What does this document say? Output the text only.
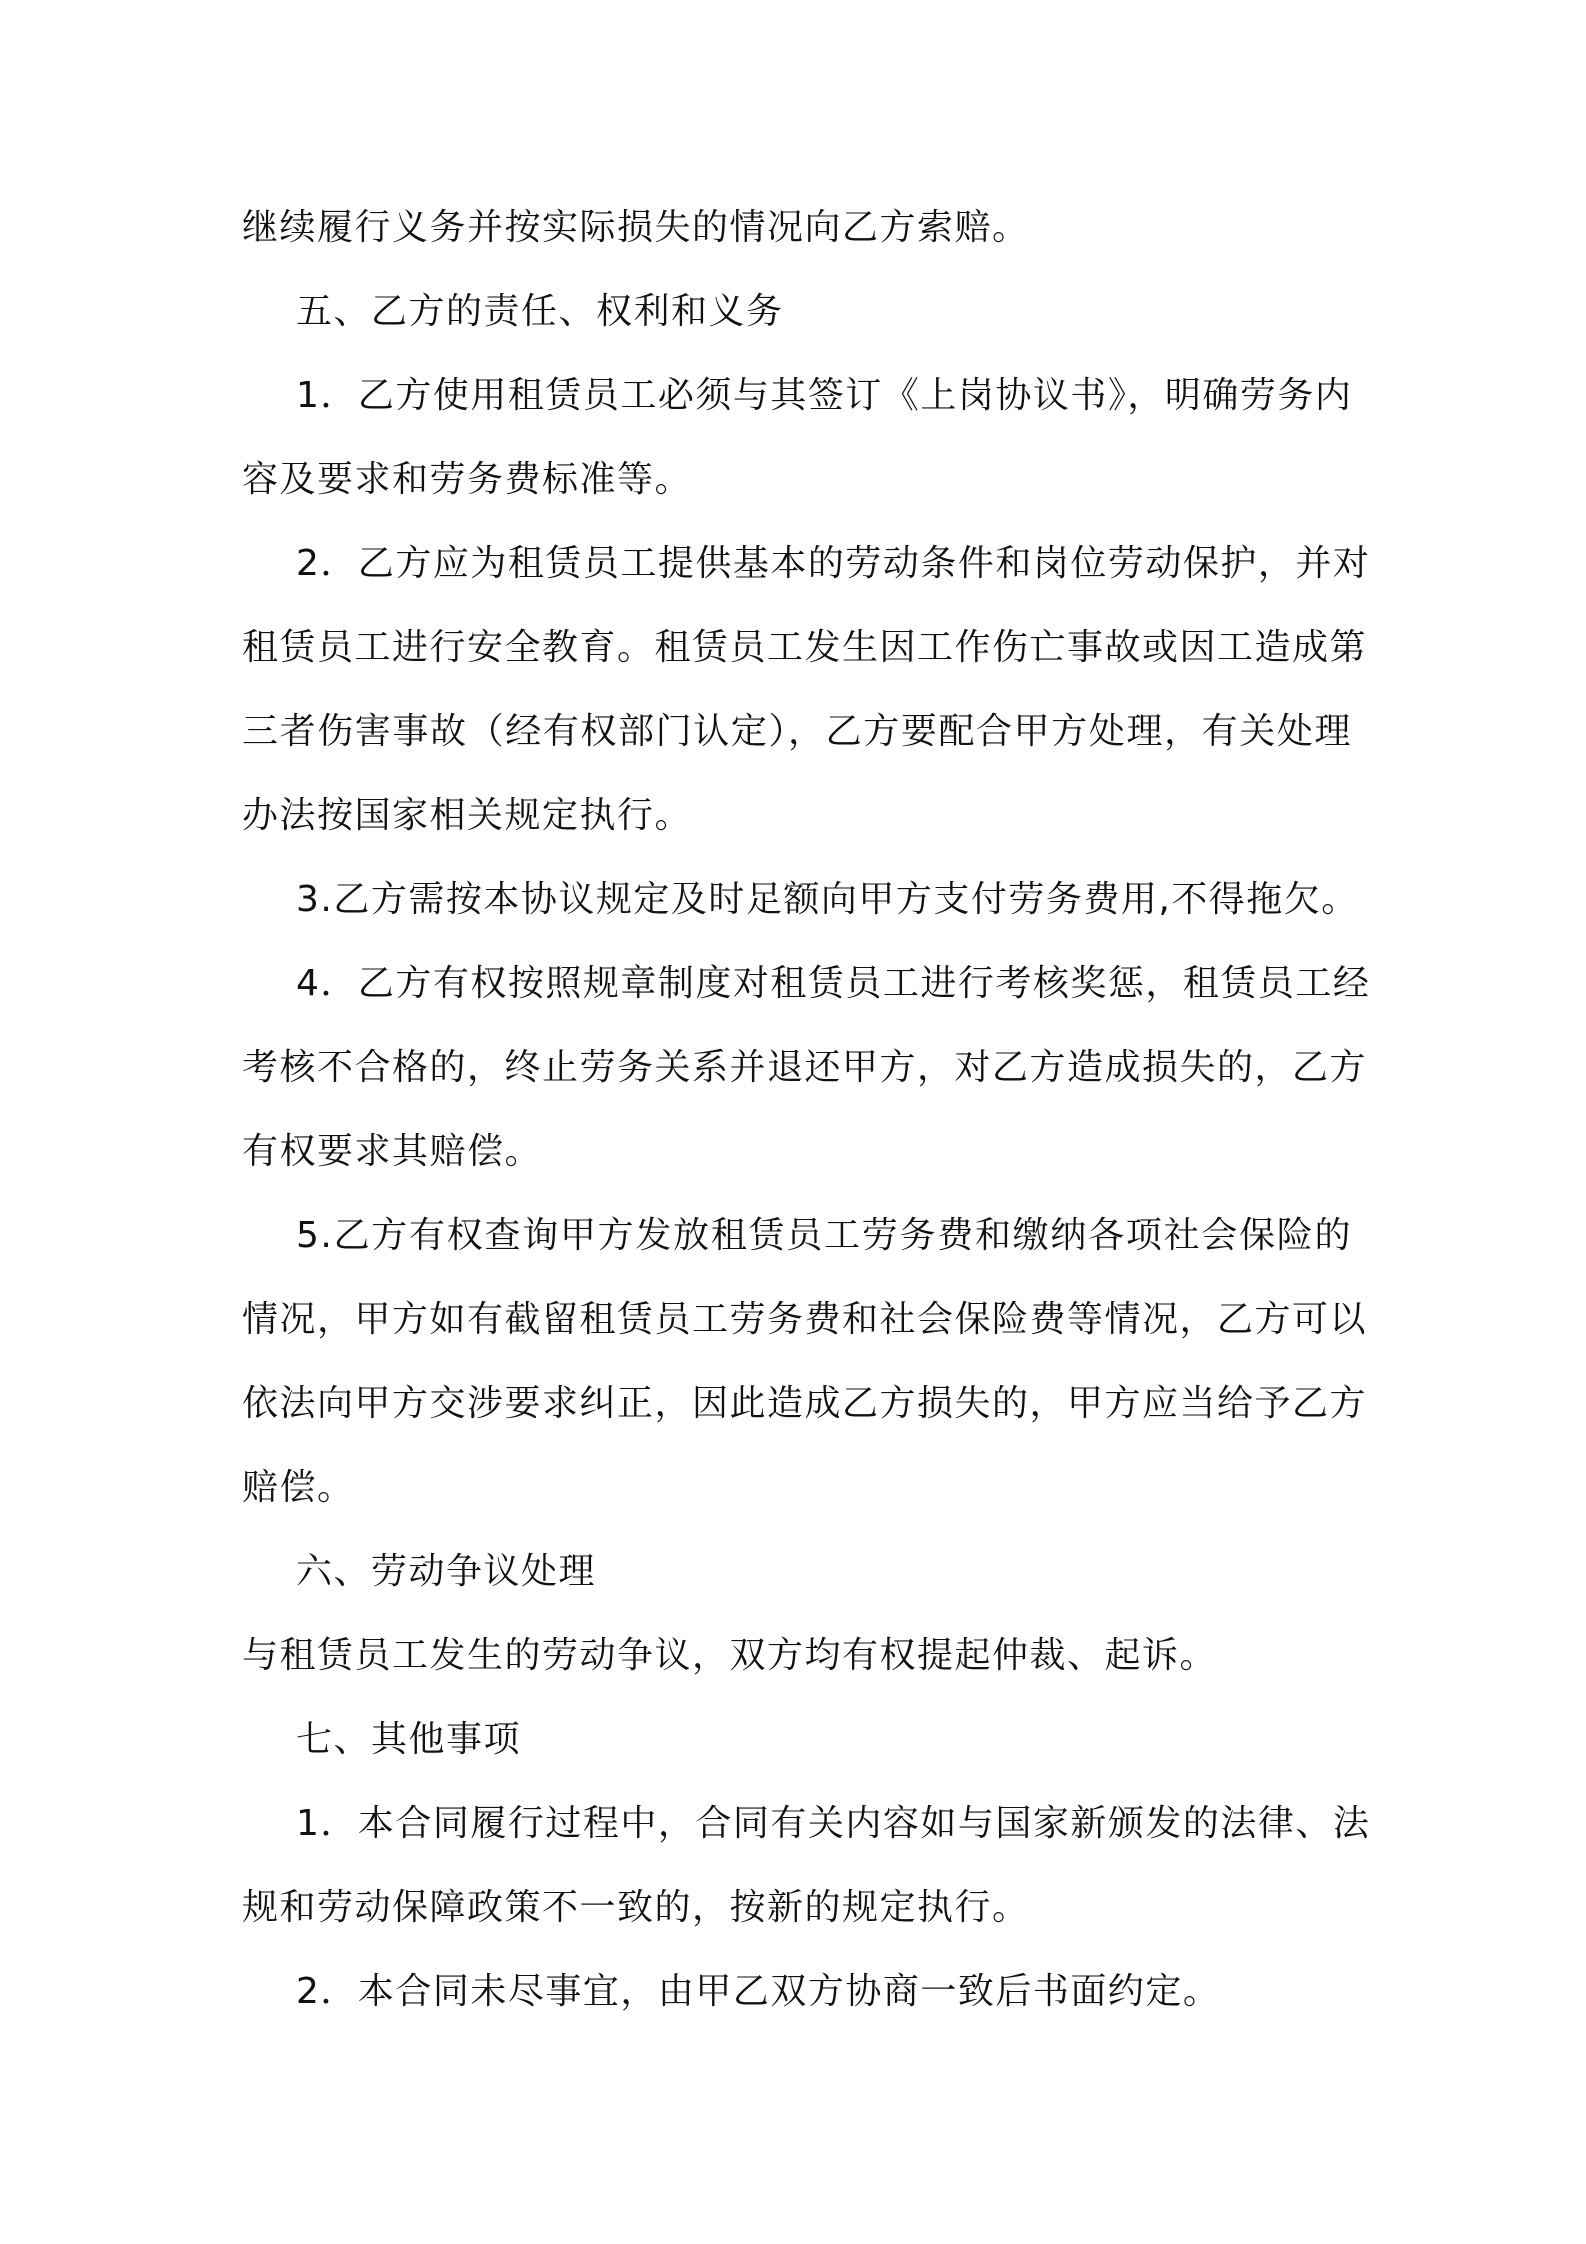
继续履行义务并按实际损失的情况向乙方索赔。
五、乙方的责任、权利和义务
1．乙方使用租赁员工必须与其签订《上岗协议书》，明确劳务内
容及要求和劳务费标准等。
2．乙方应为租赁员工提供基本的劳动条件和岗位劳动保护，并对
租赁员工进行安全教育。租赁员工发生因工作伤亡事故或因工造成第
三者伤害事故（经有权部门认定），乙方要配合甲方处理，有关处理
办法按国家相关规定执行。
3.乙方需按本协议规定及时足额向甲方支付劳务费用,不得拖欠。
4．乙方有权按照规章制度对租赁员工进行考核奖惩，租赁员工经
考核不合格的，终止劳务关系并退还甲方，对乙方造成损失的，乙方
有权要求其赔偿。
5.乙方有权查询甲方发放租赁员工劳务费和缴纳各项社会保险的
情况，甲方如有截留租赁员工劳务费和社会保险费等情况，乙方可以
依法向甲方交涉要求纠正，因此造成乙方损失的，甲方应当给予乙方
赔偿。
六、劳动争议处理
与租赁员工发生的劳动争议，双方均有权提起仲裁、起诉。
七、其他事项
1．本合同履行过程中，合同有关内容如与国家新颁发的法律、法
规和劳动保障政策不一致的，按新的规定执行。
2．本合同未尽事宜，由甲乙双方协商一致后书面约定。
